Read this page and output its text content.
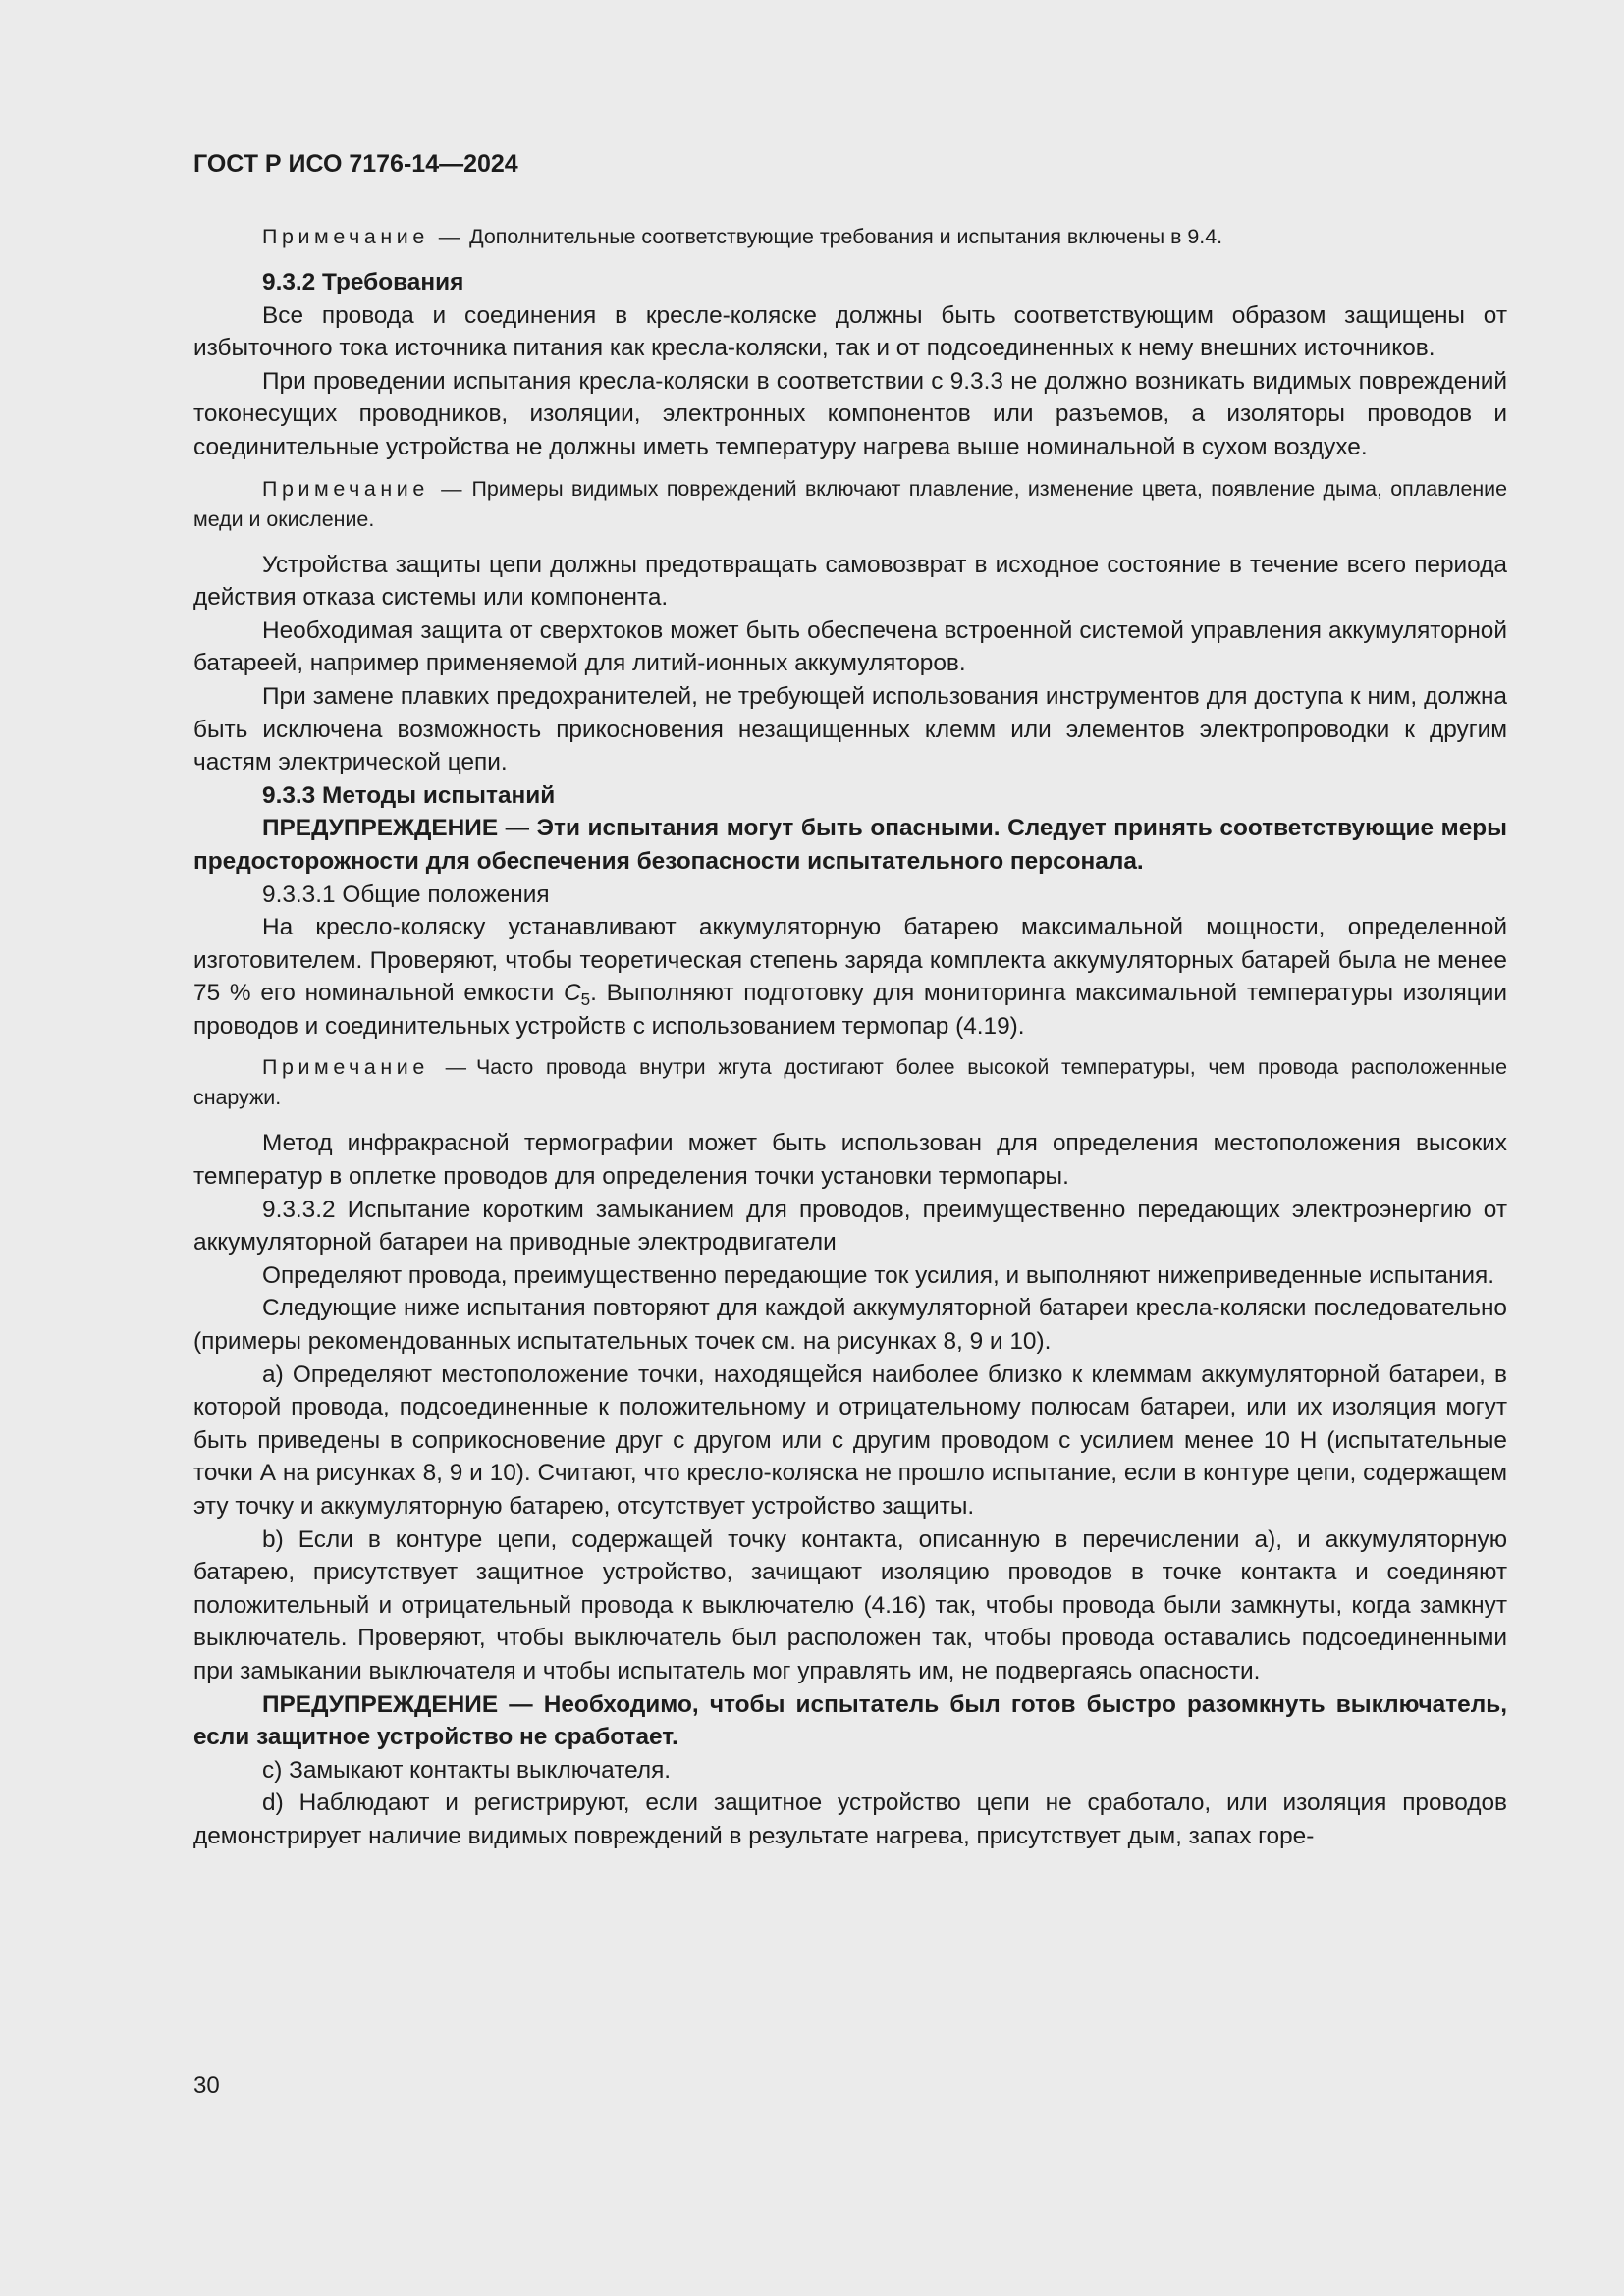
ГОСТ Р ИСО 7176-14—2024

Примечание — Дополнительные соответствующие требования и испытания включены в 9.4.

9.3.2 Требования

Все провода и соединения в кресле-коляске должны быть соответствующим образом защищены от избыточного тока источника питания как кресла-коляски, так и от подсоединенных к нему внешних источников.

При проведении испытания кресла-коляски в соответствии с 9.3.3 не должно возникать видимых повреждений токонесущих проводников, изоляции, электронных компонентов или разъемов, а изоляторы проводов и соединительные устройства не должны иметь температуру нагрева выше номинальной в сухом воздухе.

Примечание — Примеры видимых повреждений включают плавление, изменение цвета, появление дыма, оплавление меди и окисление.

Устройства защиты цепи должны предотвращать самовозврат в исходное состояние в течение всего периода действия отказа системы или компонента.

Необходимая защита от сверхтоков может быть обеспечена встроенной системой управления аккумуляторной батареей, например применяемой для литий-ионных аккумуляторов.

При замене плавких предохранителей, не требующей использования инструментов для доступа к ним, должна быть исключена возможность прикосновения незащищенных клемм или элементов электропроводки к другим частям электрической цепи.

9.3.3 Методы испытаний

ПРЕДУПРЕЖДЕНИЕ — Эти испытания могут быть опасными. Следует принять соответствующие меры предосторожности для обеспечения безопасности испытательного персонала.

9.3.3.1 Общие положения

На кресло-коляску устанавливают аккумуляторную батарею максимальной мощности, определенной изготовителем. Проверяют, чтобы теоретическая степень заряда комплекта аккумуляторных батарей была не менее 75 % его номинальной емкости $C_5$. Выполняют подготовку для мониторинга максимальной температуры изоляции проводов и соединительных устройств с использованием термопар (4.19).

Примечание — Часто провода внутри жгута достигают более высокой температуры, чем провода расположенные снаружи.

Метод инфракрасной термографии может быть использован для определения местоположения высоких температур в оплетке проводов для определения точки установки термопары.

9.3.3.2 Испытание коротким замыканием для проводов, преимущественно передающих электроэнергию от аккумуляторной батареи на приводные электродвигатели

Определяют провода, преимущественно передающие ток усилия, и выполняют нижеприведенные испытания.

Следующие ниже испытания повторяют для каждой аккумуляторной батареи кресла-коляски последовательно (примеры рекомендованных испытательных точек см. на рисунках 8, 9 и 10).

a) Определяют местоположение точки, находящейся наиболее близко к клеммам аккумуляторной батареи, в которой провода, подсоединенные к положительному и отрицательному полюсам батареи, или их изоляция могут быть приведены в соприкосновение друг с другом или с другим проводом с усилием менее 10 Н (испытательные точки А на рисунках 8, 9 и 10). Считают, что кресло-коляска не прошло испытание, если в контуре цепи, содержащем эту точку и аккумуляторную батарею, отсутствует устройство защиты.

b) Если в контуре цепи, содержащей точку контакта, описанную в перечислении а), и аккумуляторную батарею, присутствует защитное устройство, зачищают изоляцию проводов в точке контакта и соединяют положительный и отрицательный провода к выключателю (4.16) так, чтобы провода были замкнуты, когда замкнут выключатель. Проверяют, чтобы выключатель был расположен так, чтобы провода оставались подсоединенными при замыкании выключателя и чтобы испытатель мог управлять им, не подвергаясь опасности.

ПРЕДУПРЕЖДЕНИЕ — Необходимо, чтобы испытатель был готов быстро разомкнуть выключатель, если защитное устройство не сработает.

c) Замыкают контакты выключателя.

d) Наблюдают и регистрируют, если защитное устройство цепи не сработало, или изоляция проводов демонстрирует наличие видимых повреждений в результате нагрева, присутствует дым, запах горе-

30
